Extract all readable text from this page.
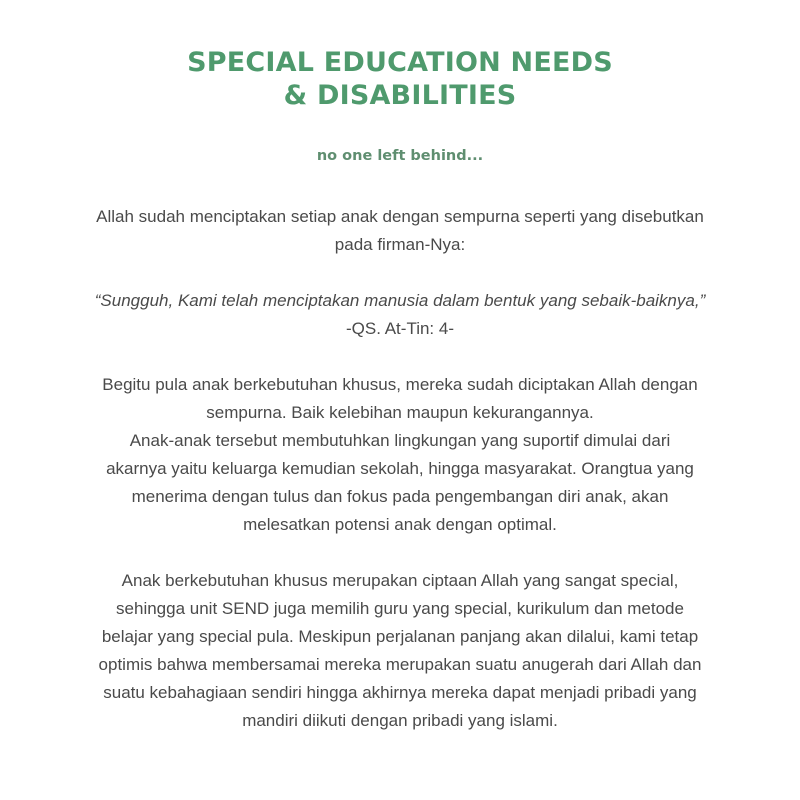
SPECIAL EDUCATION NEEDS
& DISABILITIES

no one left behind...

Allah sudah menciptakan setiap anak dengan sempurna seperti yang disebutkan
pada firman-Nya:

“Sungguh, Kami telah menciptakan manusia dalam bentuk yang sebaik-baiknya,”
-QS. At-Tin: 4-

Begitu pula anak berkebutuhan khusus, mereka sudah diciptakan Allah dengan
sempurna. Baik kelebihan maupun kekurangannya.
Anak-anak tersebut membutuhkan lingkungan yang suportif dimulai dari
akarnya yaitu keluarga kemudian sekolah, hingga masyarakat. Orangtua yang
menerima dengan tulus dan fokus pada pengembangan diri anak, akan
melesatkan potensi anak dengan optimal.

Anak berkebutuhan khusus merupakan ciptaan Allah yang sangat special,
sehingga unit SEND juga memilih guru yang special, kurikulum dan metode
belajar yang special pula. Meskipun perjalanan panjang akan dilalui, kami tetap
optimis bahwa membersamai mereka merupakan suatu anugerah dari Allah dan
suatu kebahagiaan sendiri hingga akhirnya mereka dapat menjadi pribadi yang
mandiri diikuti dengan pribadi yang islami.
